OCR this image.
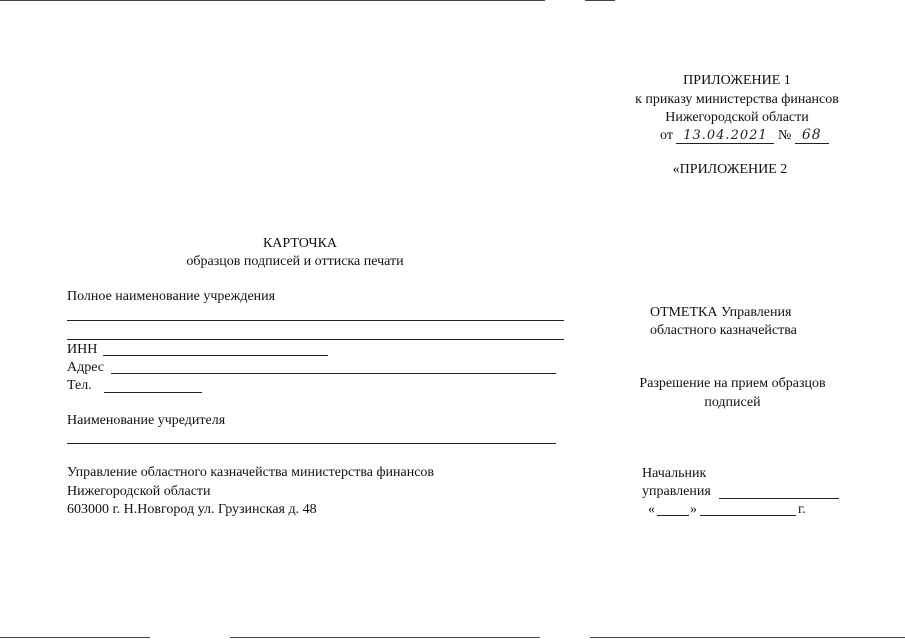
ПРИЛОЖЕНИЕ 1
к приказу министерства финансов
Нижегородской области
от 13.04.2021 № 68
«ПРИЛОЖЕНИЕ 2
КАРТОЧКА
образцов подписей и оттиска печати
Полное наименование учреждения
ИНН
Адрес
Тел.
Наименование учредителя
Управление областного казначейства министерства финансов
Нижегородской области
603000 г. Н.Новгород ул. Грузинская д. 48
ОТМЕТКА Управления
областного казначейства
Разрешение на прием образцов
подписей
Начальник
управления
«	»	г.
